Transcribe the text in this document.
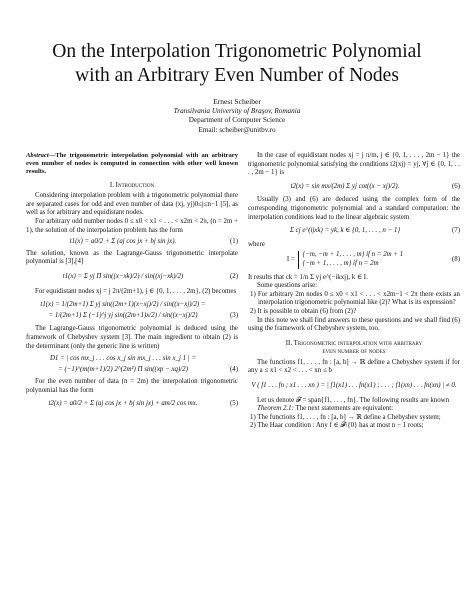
On the Interpolation Trigonometric Polynomial
with an Arbitrary Even Number of Nodes
Ernest Scheiber
Transilvania University of Braşov, Romania
Department of Computer Science
Email: scheiber@unitbv.ro

Abstract—The trigonometric interpolation polynomial with an arbitrary even number of nodes is computed in connection with other well known results.

I. Introduction

Considering interpolation problem with a trigonometric polynomial there are separated cases for odd and even number of data (xj, yj)0≤j≤n−1 [5], as well as for arbitrary and equidistant nodes.

For arbitrary odd number nodes 0 ≤ x0 < x1 < . . . < x2m < 2π, (n = 2m + 1), the solution of the interpolation problem has the form

t1(x) = a0/2 + Σ (aj cos jx + bj sin jx).	(1)

The solution, known as the Lagrange-Gauss trigonometric interpolate polynomial is [3],[4]

t1(x) = Σ yj Π sin((x−xk)/2) / sin((xj−xk)/2)	(2)

For equidistant nodes xj = j 2π/(2m+1), j ∈ {0, 1, . . . , 2m}, (2) becomes

t1(x) = 1/(2m+1) Σ yj sin((2m+1)(x−xj)/2) / sin((x−xj)/2) =
= 1/(2m+1) Σ (−1)^j yj sin((2m+1)x/2) / sin((x−xj)/2)	(3)

The Lagrange-Gauss trigonometric polynomial is deduced using the framework of Chebyshev system [3]. The main ingredient to obtain (2) is the determinant (only the generic line is written)

D1 = | cos mx_j . . . cos x_j sin mx_j . . . sin x_j 1 | =
= (−1)^(m(m+1)/2) 2^(2m²) Π sin((xp − xq)/2)	(4)

For the even number of data (n = 2m) the interpolation trigonometric polynomial has the form

t2(x) = a0/2 + Σ (aj cos jx + bj sin jx) + am/2 cos mx.	(5)

In the case of equidistant nodes xj = j π/m, j ∈ {0, 1, . . . , 2m − 1} the trigonometric polynomial satisfying the conditions t2(xj) = yj, ∀j ∈ {0, 1, . . . , 2m − 1} is

t2(x) = sin mx/(2m) Σ yj cot((x − xj)/2).	(6)

Usually (3) and (6) are deduced using the complex form of the corresponding trigonometric polynomial and a standard computation: the interpolation conditions lead to the linear algebraic system

Σ cj e^(ijxk) = yk, k ∈ {0, 1, . . . , n − 1}	(7)

where

I =
{−m, −m + 1, . . . , m} if n = 2m + 1
{−m + 1, . . . , m} if n = 2m
(8)

It results that ck = 1/n Σ yj e^(−ikxj), k ∈ I.

Some questions arise:

1) For arbitrary 2m nodes 0 ≤ x0 < x1 < . . . < x2m−1 < 2π there exists an interpolation trigonometric polynomial like (2)? What is its expression?

2) It is possible to obtain (6) from (2)?

In this note we shall find answers to these questions and we shall find (6) using the framework of Chebyshev system, too.

II. Trigonometric interpolation with arbitrary
even number of nodes

The functions f1, . . . , fn : [a, b] → ℝ define a Chebyshev system if for any a ≤ x1 < x2 < . . . < xn ≤ b

V ( f1 . . . fn ; x1 . . . xn ) = | f1(x1) . . . fn(x1) ; . . . ; f1(xn) . . . fn(xn) | ≠ 0.

Let us denote 𝓕 = span{f1, . . . , fn}. The following results are known

Theorem 2.1: The next statements are equivalent:

1) The functions f1, . . . , fn : [a, b] → ℝ define a Chebyshev system;

2) The Haar condition : Any f ∈ 𝓕\{0} has at most n − 1 roots;
